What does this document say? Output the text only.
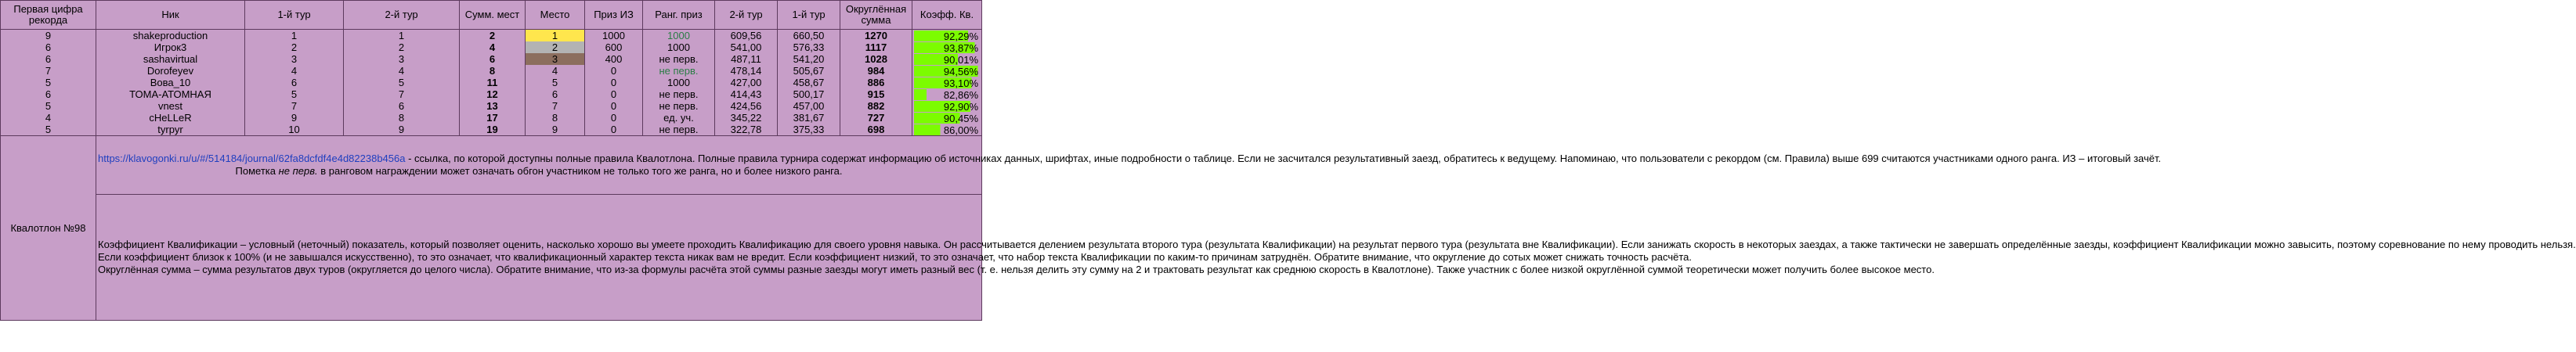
Первая цифра рекорда	Ник	1-й тур	2-й тур	Сумм. мест	Место	Приз ИЗ	Ранг. приз	2-й тур	1-й тур	Округлённая сумма	Коэфф. Кв.
9	shakeproduction	1	1	2	1	1000	1000	609,56	660,50	1270	92,29%

6	Игрок3	2	2	4	2	600	1000	541,00	576,33	1117	93,87%

6	sashavirtual	3	3	6	3	400	не перв.	487,11	541,20	1028	90,01%

7	Dorofeyev	4	4	8	4	0	не перв.	478,14	505,67	984	94,56%

5	Вова_10	6	5	11	5	0	1000	427,00	458,67	886	93,10%

6	ТОМА-АТОМНАЯ	5	7	12	6	0	не перв.	414,43	500,17	915	82,86%

5	vnest	7	6	13	7	0	не перв.	424,56	457,00	882	92,90%

4	cHeLLeR	9	8	17	8	0	ед. уч.	345,22	381,67	727	90,45%

5	tyrpyr	10	9	19	9	0	не перв.	322,78	375,33	698	86,00%

Квалотлон №98	https://klavogonki.ru/u/#/514184/journal/62fa8dcfdf4e4d82238b456a - ссылка, по которой доступны полные правила Квалотлона. Полные правила турнира содержат информацию об источниках данных, шрифтах, иные подробности о таблице. Если не засчитался результативный заезд, обратитесь к ведущему. Напоминаю, что пользователи с рекордом (см. Правила) выше 699 считаются участниками одного ранга. ИЗ – итоговый зачёт.
Пометка не перв. в ранговом награждении может означать обгон участником не только того же ранга, но и более низкого ранга.										

	Коэффициент Квалификации – условный (неточный) показатель, который позволяет оценить, насколько хорошо вы умеете проходить Квалификацию для своего уровня навыка. Он рассчитывается делением результата второго тура (результата Квалификации) на результат первого тура (результата вне Квалификации). Если занижать скорость в некоторых заездах, а также тактически не завершать определённые заезды, коэффициент Квалификации можно завысить, поэтому соревнование по нему проводить нельзя.
Если коэффициент близок к 100% (и не завышался искусственно), то это означает, что квалификационный характер текста никак вам не вредит. Если коэффициент низкий, то это означает, что набор текста Квалификации по каким-то причинам затруднён. Обратите внимание, что округление до сотых может снижать точность расчёта.
Округлённая сумма – сумма результатов двух туров (округляется до целого числа). Обратите внимание, что из-за формулы расчёта этой суммы разные заезды могут иметь разный вес (т. е. нельзя делить эту сумму на 2 и трактовать результат как среднюю скорость в Квалотлоне). Также участник с более низкой округлённой суммой теоретически может получить более высокое место.										
